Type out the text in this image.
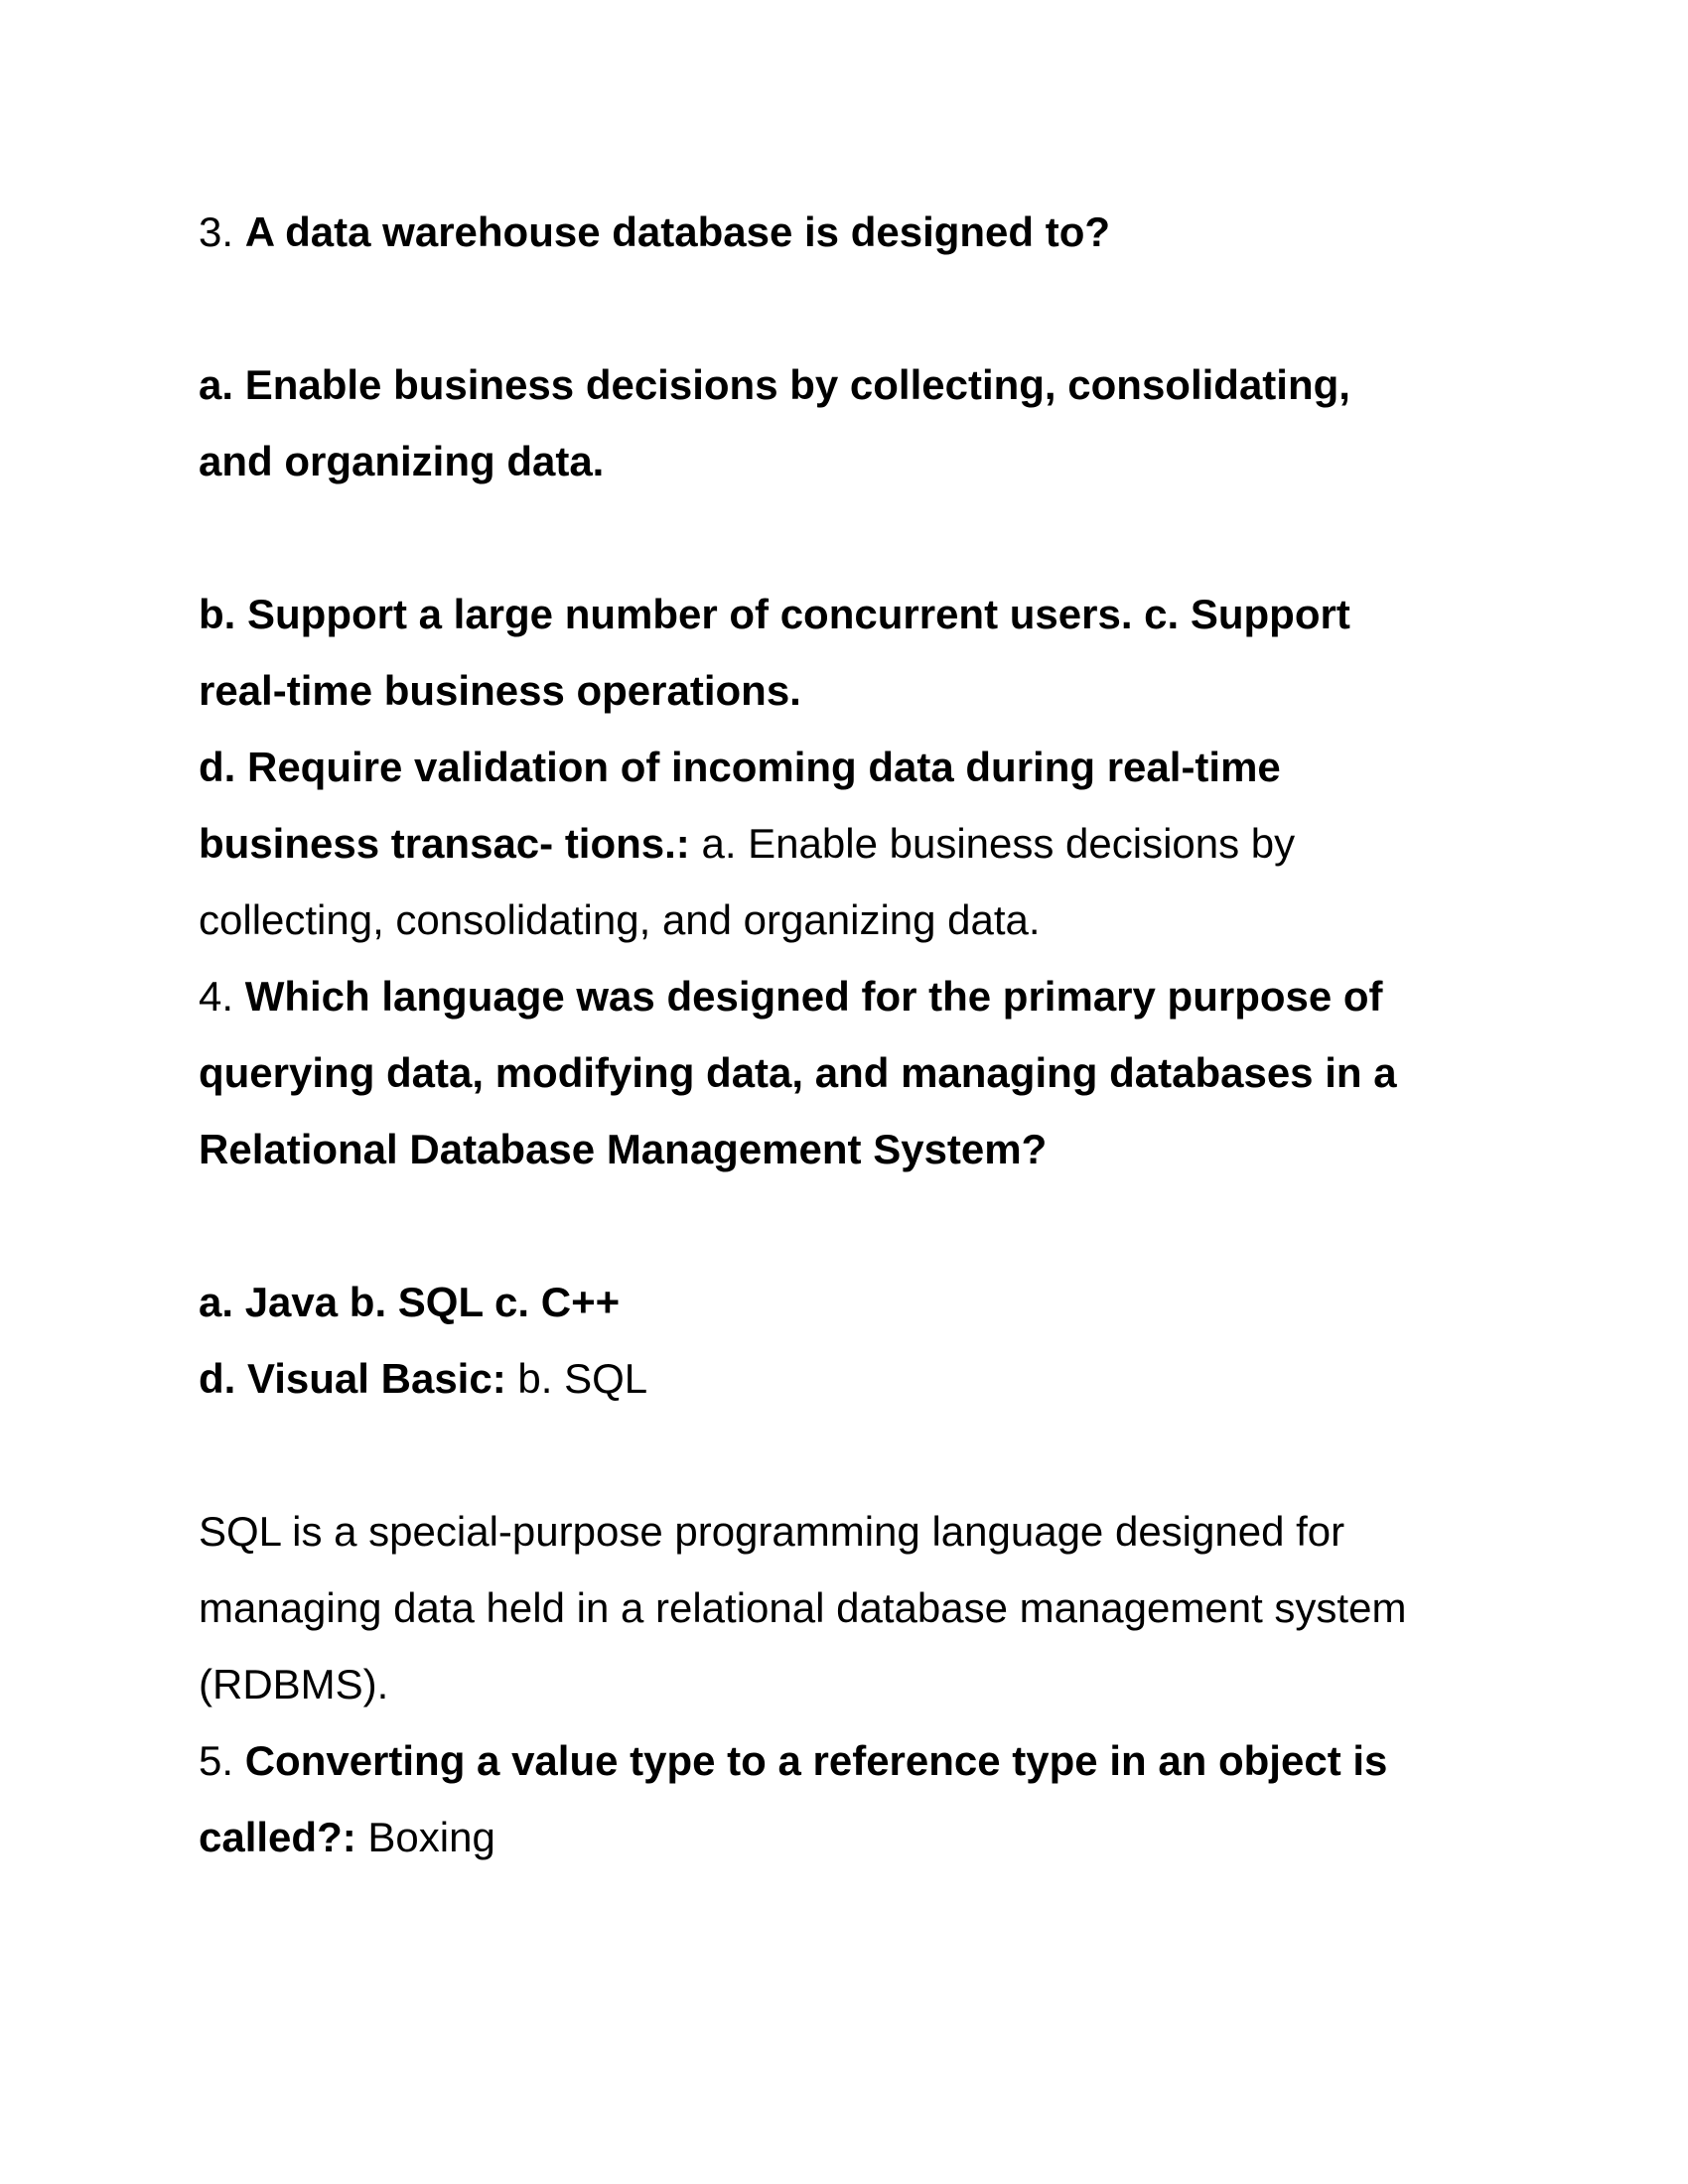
3. A data warehouse database is designed to?
a. Enable business decisions by collecting, consolidating,
and organizing data.
b. Support a large number of concurrent users. c. Support
real-time business operations.
d. Require validation of incoming data during real-time
business transac- tions.: a. Enable business decisions by
collecting, consolidating, and organizing data.
4. Which language was designed for the primary purpose of
querying data, modifying data, and managing databases in a
Relational Database Management System?
a. Java b. SQL c. C++
d. Visual Basic: b. SQL
SQL is a special-purpose programming language designed for
managing data held in a relational database management system
(RDBMS).
5. Converting a value type to a reference type in an object is
called?: Boxing
